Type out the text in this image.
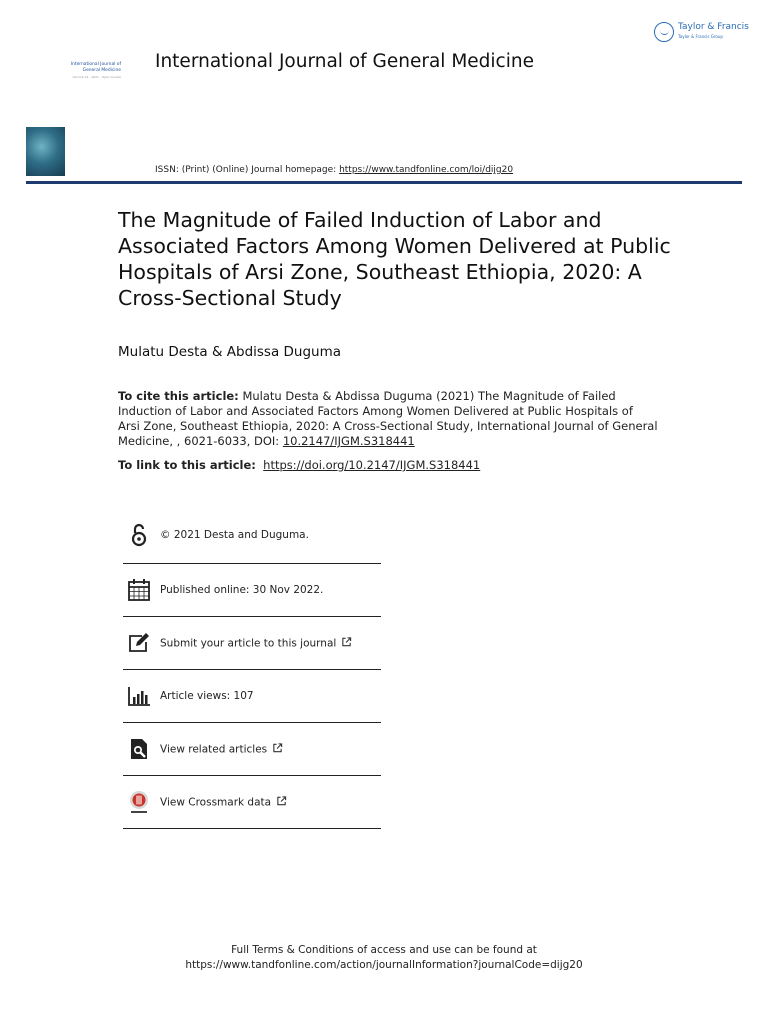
Taylor & Francis
Taylor & Francis Group
International Journal of
General Medicine
Volume 14 · 2021 · Open Access
International Journal of General Medicine
ISSN: (Print) (Online) Journal homepage: https://www.tandfonline.com/loi/dijg20
The Magnitude of Failed Induction of Labor and Associated Factors Among Women Delivered at Public Hospitals of Arsi Zone, Southeast Ethiopia, 2020: A Cross-Sectional Study
Mulatu Desta & Abdissa Duguma
To cite this article: Mulatu Desta & Abdissa Duguma (2021) The Magnitude of Failed Induction of Labor and Associated Factors Among Women Delivered at Public Hospitals of Arsi Zone, Southeast Ethiopia, 2020: A Cross-Sectional Study, International Journal of General Medicine, , 6021-6033, DOI: 10.2147/IJGM.S318441
To link to this article: https://doi.org/10.2147/IJGM.S318441
© 2021 Desta and Duguma.
Published online: 30 Nov 2022.
Submit your article to this journal
Article views: 107
View related articles
View Crossmark data
Full Terms & Conditions of access and use can be found at
https://www.tandfonline.com/action/journalInformation?journalCode=dijg20
